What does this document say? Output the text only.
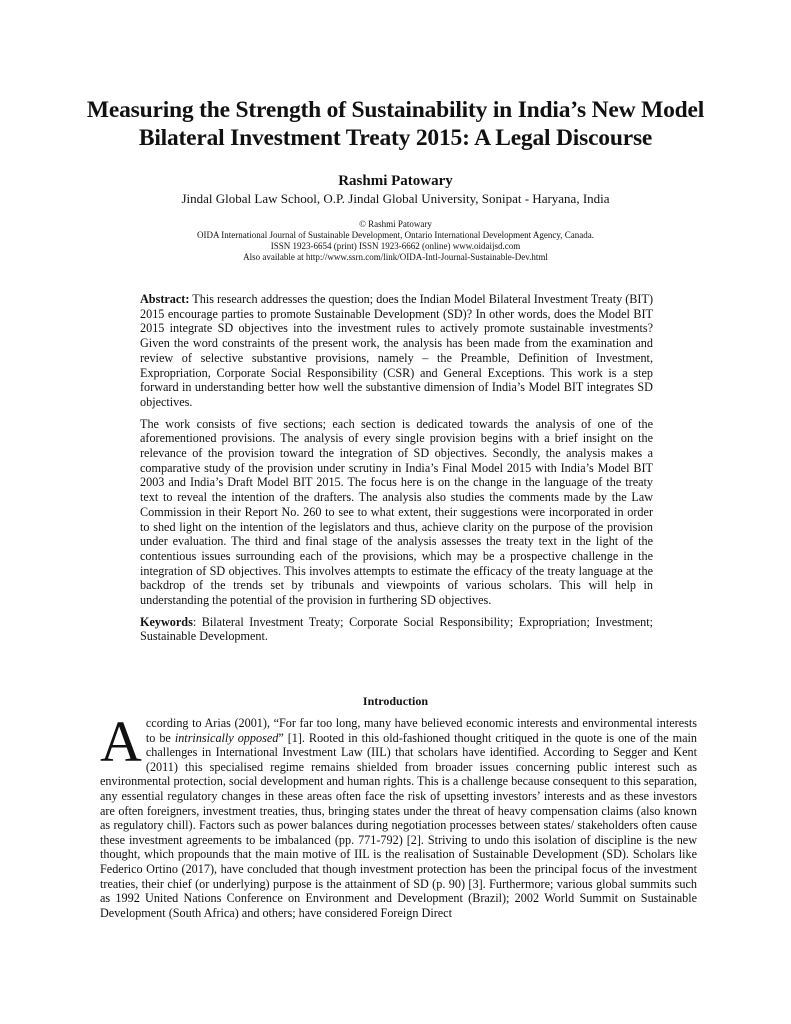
Measuring the Strength of Sustainability in India’s New Model Bilateral Investment Treaty 2015: A Legal Discourse
Rashmi Patowary
Jindal Global Law School, O.P. Jindal Global University, Sonipat - Haryana, India
© Rashmi Patowary
OIDA International Journal of Sustainable Development, Ontario International Development Agency, Canada.
ISSN 1923-6654 (print) ISSN 1923-6662 (online) www.oidaijsd.com
Also available at http://www.ssrn.com/link/OIDA-Intl-Journal-Sustainable-Dev.html

Abstract: This research addresses the question; does the Indian Model Bilateral Investment Treaty (BIT) 2015 encourage parties to promote Sustainable Development (SD)? In other words, does the Model BIT 2015 integrate SD objectives into the investment rules to actively promote sustainable investments? Given the word constraints of the present work, the analysis has been made from the examination and review of selective substantive provisions, namely – the Preamble, Definition of Investment, Expropriation, Corporate Social Responsibility (CSR) and General Exceptions. This work is a step forward in understanding better how well the substantive dimension of India’s Model BIT integrates SD objectives.

The work consists of five sections; each section is dedicated towards the analysis of one of the aforementioned provisions. The analysis of every single provision begins with a brief insight on the relevance of the provision toward the integration of SD objectives. Secondly, the analysis makes a comparative study of the provision under scrutiny in India’s Final Model 2015 with India’s Model BIT 2003 and India’s Draft Model BIT 2015. The focus here is on the change in the language of the treaty text to reveal the intention of the drafters. The analysis also studies the comments made by the Law Commission in their Report No. 260 to see to what extent, their suggestions were incorporated in order to shed light on the intention of the legislators and thus, achieve clarity on the purpose of the provision under evaluation. The third and final stage of the analysis assesses the treaty text in the light of the contentious issues surrounding each of the provisions, which may be a prospective challenge in the integration of SD objectives. This involves attempts to estimate the efficacy of the treaty language at the backdrop of the trends set by tribunals and viewpoints of various scholars. This will help in understanding the potential of the provision in furthering SD objectives.

Keywords: Bilateral Investment Treaty; Corporate Social Responsibility; Expropriation; Investment; Sustainable Development.

Introduction

According to Arias (2001), “For far too long, many have believed economic interests and environmental interests to be intrinsically opposed” [1]. Rooted in this old-fashioned thought critiqued in the quote is one of the main challenges in International Investment Law (IIL) that scholars have identified. According to Segger and Kent (2011) this specialised regime remains shielded from broader issues concerning public interest such as environmental protection, social development and human rights. This is a challenge because consequent to this separation, any essential regulatory changes in these areas often face the risk of upsetting investors’ interests and as these investors are often foreigners, investment treaties, thus, bringing states under the threat of heavy compensation claims (also known as regulatory chill). Factors such as power balances during negotiation processes between states/ stakeholders often cause these investment agreements to be imbalanced (pp. 771-792) [2]. Striving to undo this isolation of discipline is the new thought, which propounds that the main motive of IIL is the realisation of Sustainable Development (SD). Scholars like Federico Ortino (2017), have concluded that though investment protection has been the principal focus of the investment treaties, their chief (or underlying) purpose is the attainment of SD (p. 90) [3]. Furthermore; various global summits such as 1992 United Nations Conference on Environment and Development (Brazil); 2002 World Summit on Sustainable Development (South Africa) and others; have considered Foreign Direct
